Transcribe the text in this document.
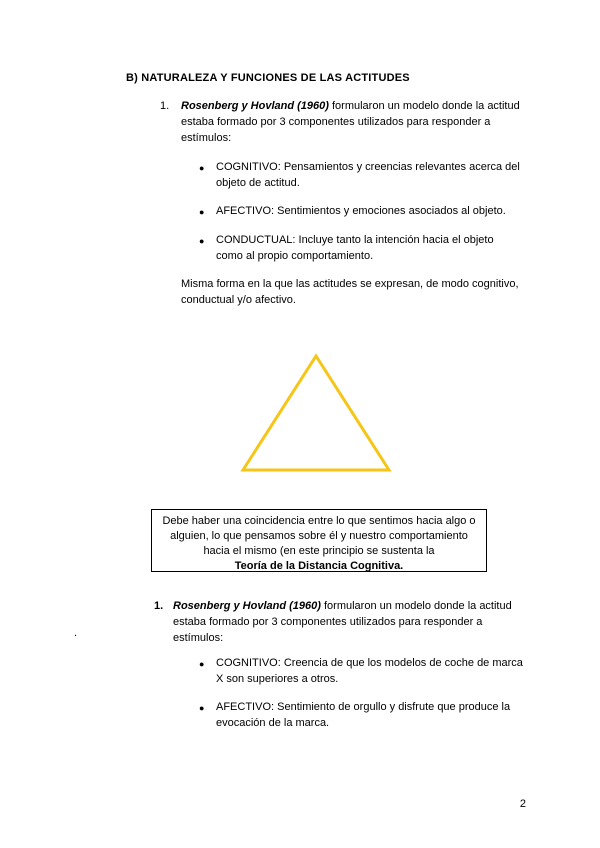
B) NATURALEZA Y FUNCIONES DE LAS ACTITUDES
1. Rosenberg y Hovland (1960) formularon un modelo donde la actitud
estaba formado por 3 componentes utilizados para responder a
estímulos:
● COGNITIVO: Pensamientos y creencias relevantes acerca del
objeto de actitud.
● AFECTIVO: Sentimientos y emociones asociados al objeto.
● CONDUCTUAL: Incluye tanto la intención hacia el objeto
como al propio comportamiento.
Misma forma en la que las actitudes se expresan, de modo cognitivo,
conductual y/o afectivo.
Debe haber una coincidencia entre lo que sentimos hacia algo o
alguien, lo que pensamos sobre él y nuestro comportamiento
hacia el mismo (en este principio se sustenta la
Teoría de la Distancia Cognitiva.
1. Rosenberg y Hovland (1960) formularon un modelo donde la actitud
estaba formado por 3 componentes utilizados para responder a
estímulos:
.
● COGNITIVO: Creencia de que los modelos de coche de marca
X son superiores a otros.
● AFECTIVO: Sentimiento de orgullo y disfrute que produce la
evocación de la marca.
2
